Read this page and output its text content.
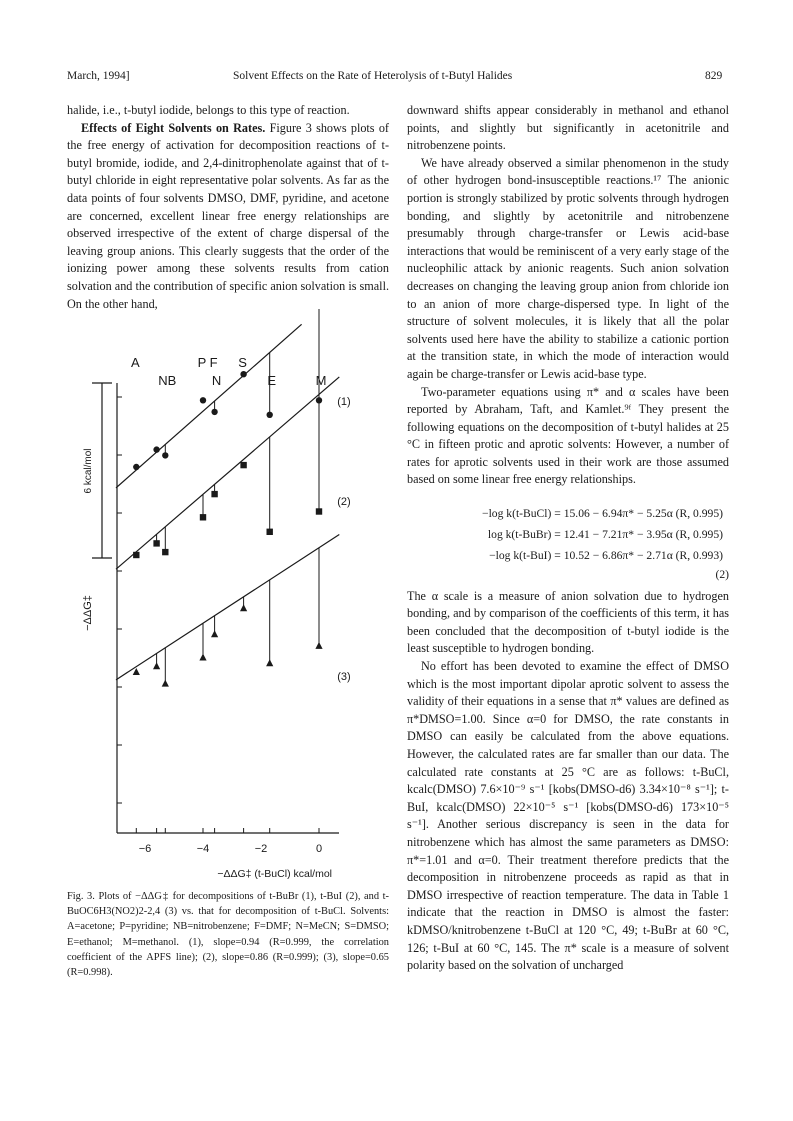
March, 1994]	Solvent Effects on the Rate of Heterolysis of t-Butyl Halides	829

halide, i.e., t-butyl iodide, belongs to this type of reaction.

Effects of Eight Solvents on Rates. Figure 3 shows plots of the free energy of activation for decomposition reactions of t-butyl bromide, iodide, and 2,4-dinitrophenolate against that of t-butyl chloride in eight representative polar solvents. As far as the data points of four solvents DMSO, DMF, pyridine, and acetone are concerned, excellent linear free energy relationships are observed irrespective of the extent of charge dispersal of the leaving group anions. This clearly suggests that the order of the ionizing power among these solvents results from cation solvation and the contribution of specific anion solvation is small. On the other hand,

−6	−4	−2	0
−ΔΔG‡ (t-BuCl) kcal/mol
A	P F S
NB	N	E	M
6 kcal/mol
−ΔΔG‡
(1)
(2)
(3)
Fig. 3. Plots of −ΔΔG‡ for decompositions of t-BuBr (1), t-BuI (2), and t-BuOC6H3(NO2)2-2,4 (3) vs. that for decomposition of t-BuCl. Solvents: A=acetone; P=pyridine; NB=nitrobenzene; F=DMF; N=MeCN; S=DMSO; E=ethanol; M=methanol. (1), slope=0.94 (R=0.999, the correlation coefficient of the APFS line); (2), slope=0.86 (R=0.999); (3), slope=0.65 (R=0.998).

downward shifts appear considerably in methanol and ethanol points, and slightly but significantly in acetonitrile and nitrobenzene points.

We have already observed a similar phenomenon in the study of other hydrogen bond-insusceptible reactions.¹⁷ The anionic portion is strongly stabilized by protic solvents through hydrogen bonding, and slightly by acetonitrile and nitrobenzene presumably through charge-transfer or Lewis acid-base interactions that would be reminiscent of a very early stage of the nucleophilic attack by anionic reagents. Such anion solvation decreases on changing the leaving group anion from chloride ion to an anion of more charge-dispersed type. In light of the structure of solvent molecules, it is likely that all the polar solvents used here have the ability to stabilize a cationic portion at the transition state, in which the mode of interaction would again be charge-transfer or Lewis acid-base type.

Two-parameter equations using π* and α scales have been reported by Abraham, Taft, and Kamlet.⁹ᶠ They present the following equations on the decomposition of t-butyl halides at 25 °C in fifteen protic and aprotic solvents: However, a number of rates for aprotic solvents used in their work are those assumed based on some linear free energy relationships.

−log k(t-BuCl) = 15.06 − 6.94π* − 5.25α (R, 0.995)
log k(t-BuBr) = 12.41 − 7.21π* − 3.95α (R, 0.995)
−log k(t-BuI) = 10.52 − 6.86π* − 2.71α (R, 0.993)
(2)

The α scale is a measure of anion solvation due to hydrogen bonding, and by comparison of the coefficients of this term, it has been concluded that the decomposition of t-butyl iodide is the least susceptible to hydrogen bonding.

No effort has been devoted to examine the effect of DMSO which is the most important dipolar aprotic solvent to assess the validity of their equations in a sense that π* values are defined as π*DMSO=1.00. Since α=0 for DMSO, the rate constants in DMSO can easily be calculated from the above equations. However, the calculated rates are far smaller than our data. The calculated rate constants at 25 °C are as follows: t-BuCl, kcalc(DMSO) 7.6×10⁻⁹ s⁻¹ [kobs(DMSO-d6) 3.34×10⁻⁸ s⁻¹]; t-BuI, kcalc(DMSO) 22×10⁻⁵ s⁻¹ [kobs(DMSO-d6) 173×10⁻⁵ s⁻¹]. Another serious discrepancy is seen in the data for nitrobenzene which has almost the same parameters as DMSO: π*=1.01 and α=0. Their treatment therefore predicts that the decomposition in nitrobenzene proceeds as rapid as that in DMSO irrespective of reaction temperature. The data in Table 1 indicate that the reaction in DMSO is almost the faster: kDMSO/knitrobenzene t-BuCl at 120 °C, 49; t-BuBr at 60 °C, 126; t-BuI at 60 °C, 145. The π* scale is a measure of solvent polarity based on the solvation of uncharged
